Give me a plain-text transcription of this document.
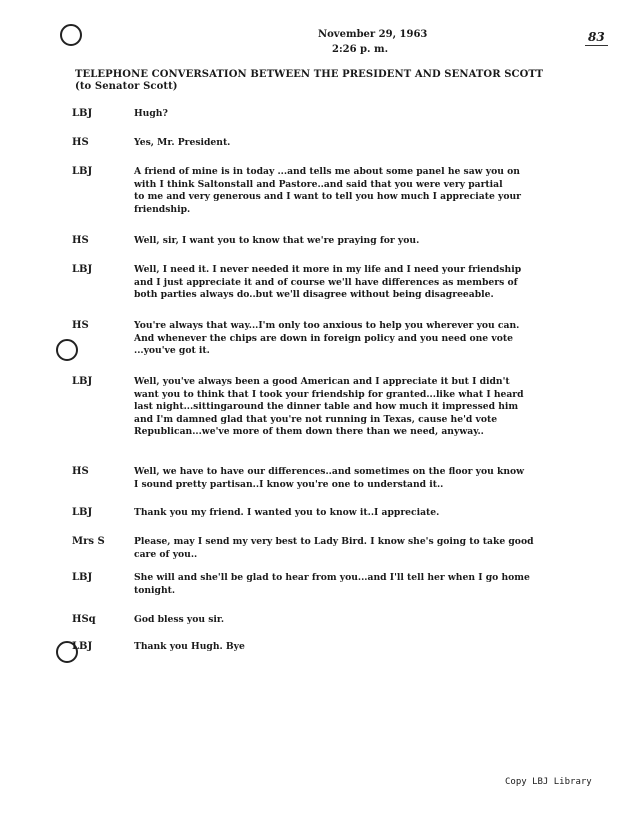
November 29, 1963
2:26 p. m.
83
TELEPHONE CONVERSATION BETWEEN THE PRESIDENT AND SENATOR SCOTT
(to Senator Scott)
LBJ	Hugh?
HS	Yes, Mr. President.
LBJ	A friend of mine is in today ...and tells me about some panel he saw you on
with I think Saltonstall and Pastore..and said that you were very partial
to me and very generous and I want to tell you how much I appreciate your
friendship.
HS	Well, sir, I want you to know that we're praying for you.
LBJ	Well, I need it. I never needed it more in my life and I need your friendship
and I just appreciate it and of course we'll have differences as members of
both parties always do..but we'll disagree without being disagreeable.
HS	You're always that way...I'm only too anxious to help you wherever you can.
And whenever the chips are down in foreign policy and you need one vote
...you've got it.
LBJ	Well, you've always been a good American and I appreciate it but I didn't
want you to think that I took your friendship for granted...like what I heard
last night...sittingaround the dinner table and how much it impressed him
and I'm damned glad that you're not running in Texas, cause he'd vote
Republican...we've more of them down there than we need, anyway..
HS	Well, we have to have our differences..and sometimes on the floor you know
I sound pretty partisan..I know you're one to understand it..
LBJ	Thank you my friend. I wanted you to know it..I appreciate.
Mrs S	Please, may I send my very best to Lady Bird. I know she's going to take good
care of you..
LBJ	She will and she'll be glad to hear from you...and I'll tell her when I go home
tonight.
HSq	God bless you sir.
LBJ	Thank you Hugh. Bye
Copy LBJ Library
